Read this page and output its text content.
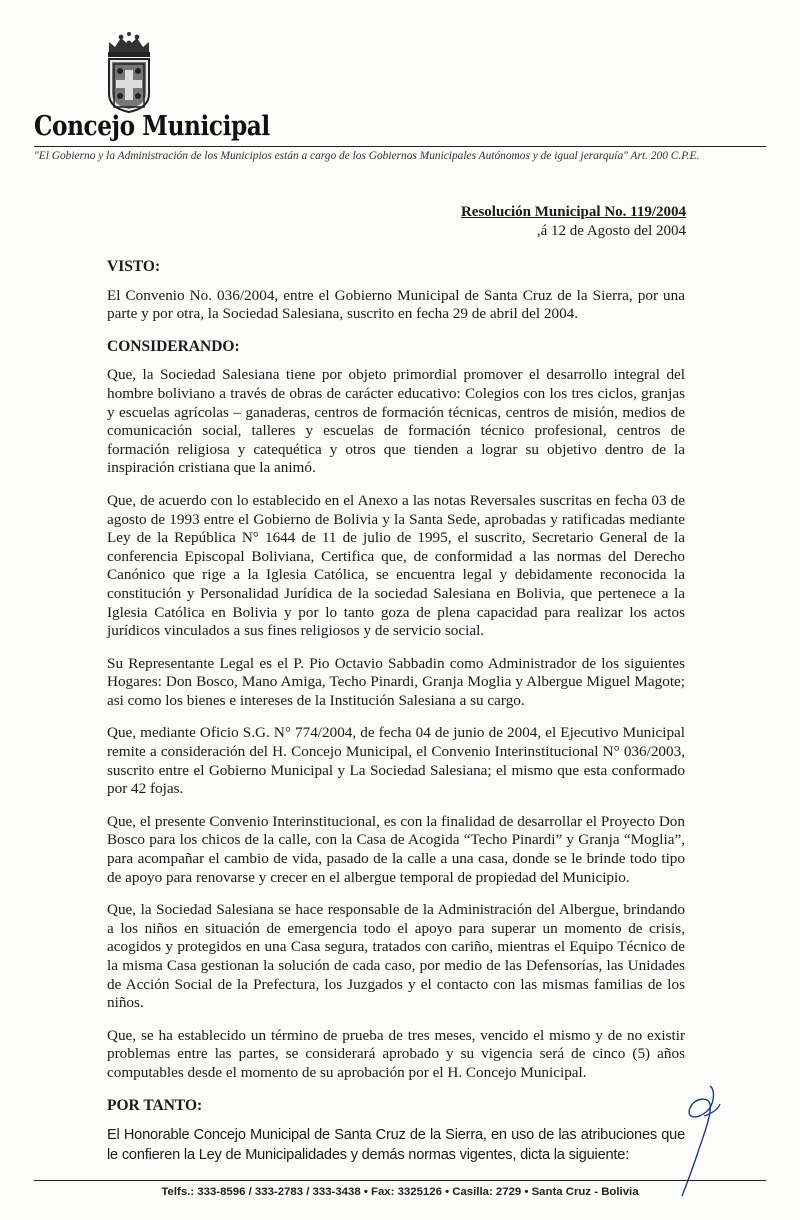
Concejo Municipal
"El Gobierno y la Administración de los Municipios están a cargo de los Gobiernos Municipales Autónomos y de igual jerarquía" Art. 200 C.P.E.
Resolución Municipal No. 119/2004
,á 12 de Agosto del 2004
VISTO:

El Convenio No. 036/2004, entre el Gobierno Municipal de Santa Cruz de la Sierra, por una parte y por otra, la Sociedad Salesiana, suscrito en fecha 29 de abril del 2004.

CONSIDERANDO:

Que, la Sociedad Salesiana tiene por objeto primordial promover el desarrollo integral del hombre boliviano a través de obras de carácter educativo: Colegios con los tres ciclos, granjas y escuelas agrícolas – ganaderas, centros de formación técnicas, centros de misión, medios de comunicación social, talleres y escuelas de formación técnico profesional, centros de formación religiosa y catequética y otros que tienden a lograr su objetivo dentro de la inspiración cristiana que la animó.

Que, de acuerdo con lo establecido en el Anexo a las notas Reversales suscritas en fecha 03 de agosto de 1993 entre el Gobierno de Bolivia y la Santa Sede, aprobadas y ratificadas mediante Ley de la República N° 1644 de 11 de julio de 1995, el suscrito, Secretario General de la conferencia Episcopal Boliviana, Certifica que, de conformidad a las normas del Derecho Canónico que rige a la Iglesia Católica, se encuentra legal y debidamente reconocida la constitución y Personalidad Jurídica de la sociedad Salesiana en Bolivia, que pertenece a la Iglesia Católica en Bolivia y por lo tanto goza de plena capacidad para realizar los actos jurídicos vinculados a sus fines religiosos y de servicio social.

Su Representante Legal es el P. Pio Octavio Sabbadin como Administrador de los siguientes Hogares: Don Bosco, Mano Amiga, Techo Pinardi, Granja Moglia y Albergue Miguel Magote; asi como los bienes e intereses de la Institución Salesiana a su cargo.

Que, mediante Oficio S.G. N° 774/2004, de fecha 04 de junio de 2004, el Ejecutivo Municipal remite a consideración del H. Concejo Municipal, el Convenio Interinstitucional N° 036/2003, suscrito entre el Gobierno Municipal y La Sociedad Salesiana; el mismo que esta conformado por 42 fojas.

Que, el presente Convenio Interinstitucional, es con la finalidad de desarrollar el Proyecto Don Bosco para los chicos de la calle, con la Casa de Acogida “Techo Pinardi” y Granja “Moglia”, para acompañar el cambio de vida, pasado de la calle a una casa, donde se le brinde todo tipo de apoyo para renovarse y crecer en el albergue temporal de propiedad del Municipio.

Que, la Sociedad Salesiana se hace responsable de la Administración del Albergue, brindando a los niños en situación de emergencia todo el apoyo para superar un momento de crisis, acogidos y protegidos en una Casa segura, tratados con cariño, mientras el Equipo Técnico de la misma Casa gestionan la solución de cada caso, por medio de las Defensorías, las Unidades de Acción Social de la Prefectura, los Juzgados y el contacto con las mismas familias de los niños.

Que, se ha establecido un término de prueba de tres meses, vencido el mismo y de no existir problemas entre las partes, se considerará aprobado y su vigencia será de cinco (5) años computables desde el momento de su aprobación por el H. Concejo Municipal.

POR TANTO:

El Honorable Concejo Municipal de Santa Cruz de la Sierra, en uso de las atribuciones que le confieren la Ley de Municipalidades y demás normas vigentes, dicta la siguiente:

Telfs.: 333-8596 / 333-2783 / 333-3438 • Fax: 3325126 • Casilla: 2729 • Santa Cruz - Bolivia
